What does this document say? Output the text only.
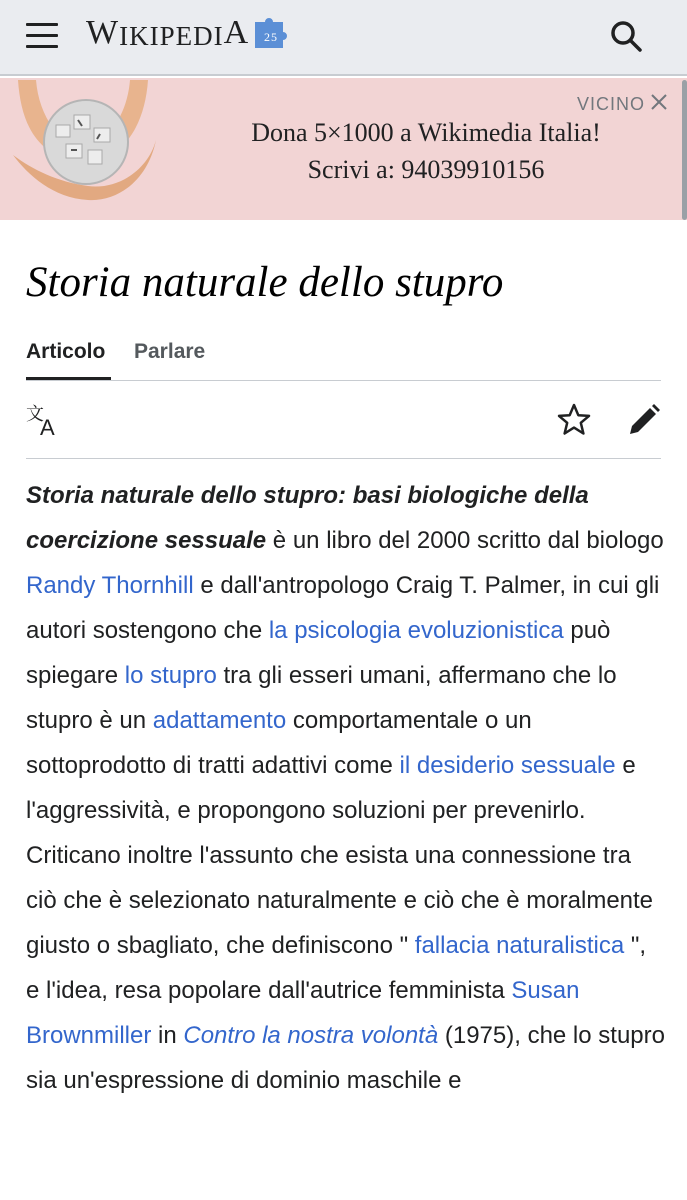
W IKIPEDI A 25
VICINO
Dona 5×1000 a Wikimedia Italia!
Scrivi a: 94039910156
Storia naturale dello stupro
Articolo Parlare
文
A

Storia naturale dello stupro: basi biologiche della coercizione sessuale è un libro del 2000 scritto dal biologo Randy Thornhill e dall'antropologo Craig T. Palmer, in cui gli autori sostengono che la psicologia evoluzionistica può spiegare lo stupro tra gli esseri umani, affermano che lo stupro è un adattamento comportamentale o un sottoprodotto di tratti adattivi come il desiderio sessuale e l'aggressività, e propongono soluzioni per prevenirlo. Criticano inoltre l'assunto che esista una connessione tra ciò che è selezionato naturalmente e ciò che è moralmente giusto o sbagliato, che definiscono " fallacia naturalistica ", e l'idea, resa popolare dall'autrice femminista Susan Brownmiller in Contro la nostra volontà (1975), che lo stupro sia un'espressione di dominio maschile e
